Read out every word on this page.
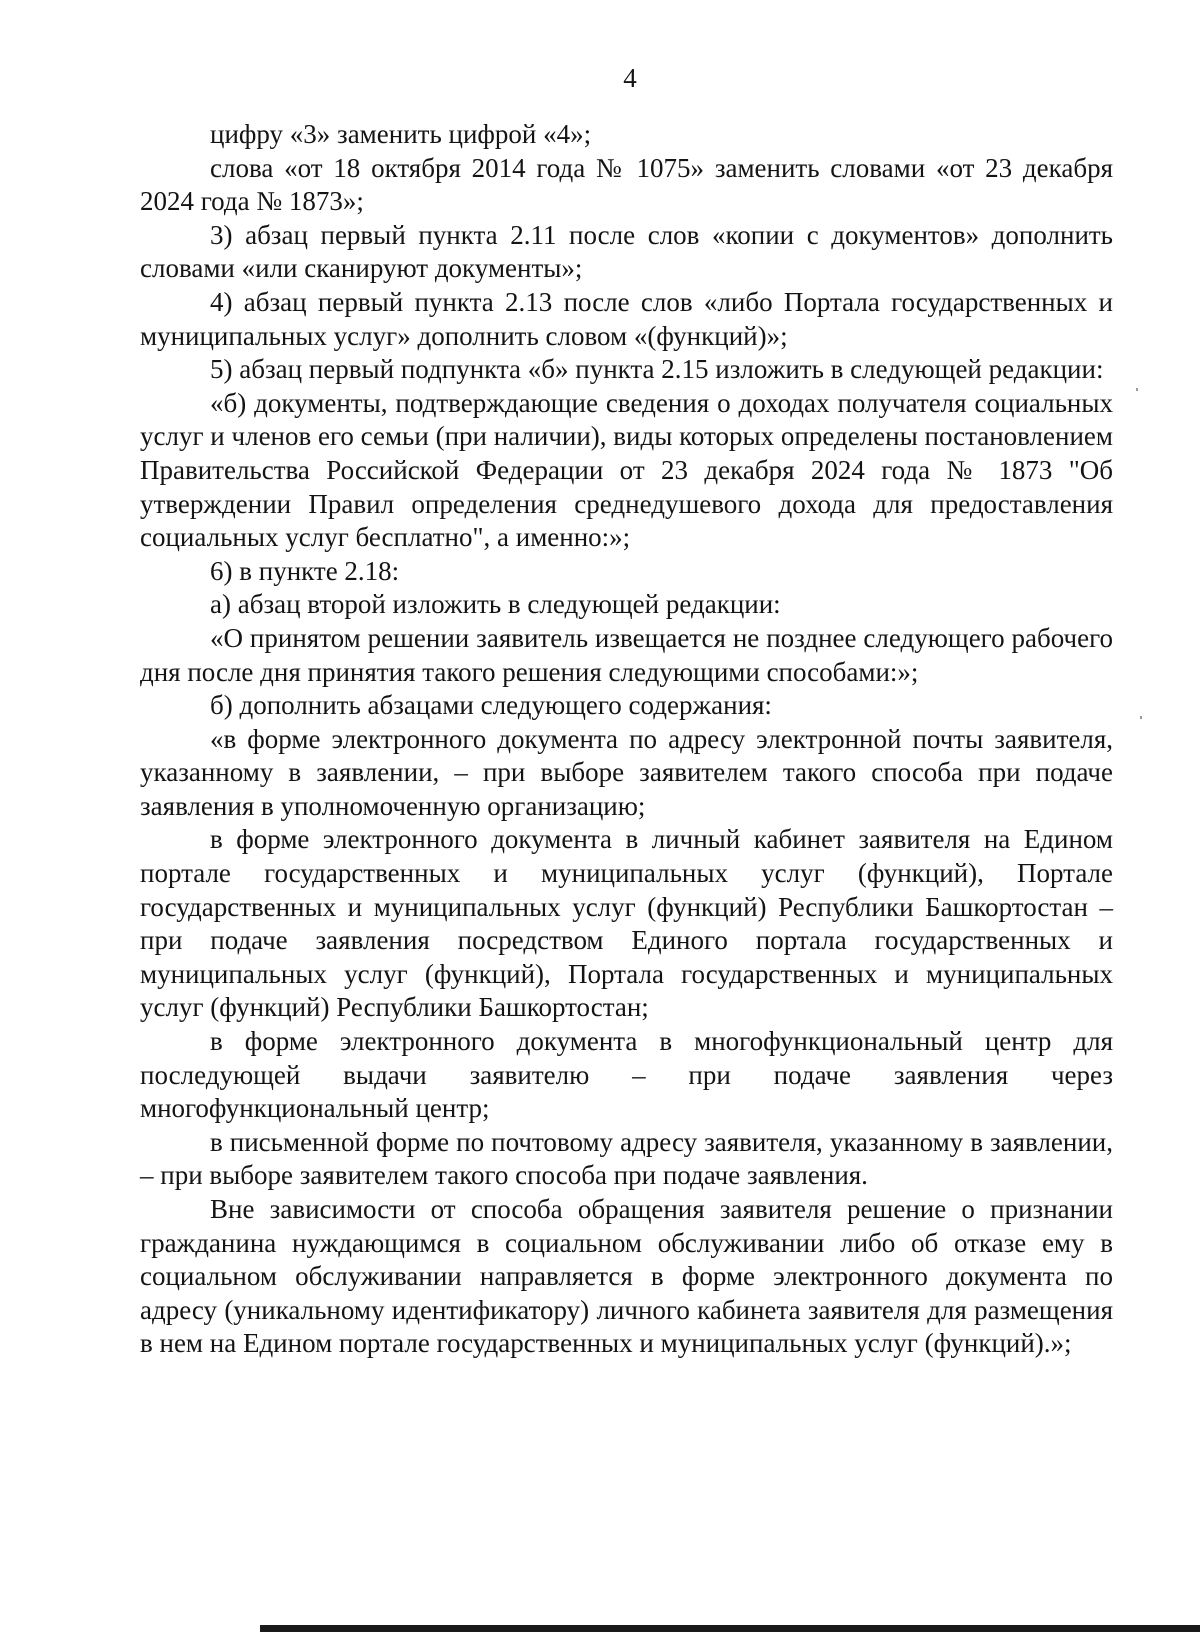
4

цифру «3» заменить цифрой «4»;

слова «от 18 октября 2014 года № 1075» заменить словами «от 23 декабря 2024 года № 1873»;

3) абзац первый пункта 2.11 после слов «копии с документов» дополнить словами «или сканируют документы»;

4) абзац первый пункта 2.13 после слов «либо Портала государственных и муниципальных услуг» дополнить словом «(функций)»;

5) абзац первый подпункта «б» пункта 2.15 изложить в следующей редакции:

«б) документы, подтверждающие сведения о доходах получателя социальных услуг и членов его семьи (при наличии), виды которых определены постановлением Правительства Российской Федерации от 23 декабря 2024 года № 1873 "Об утверждении Правил определения среднедушевого дохода для предоставления социальных услуг бесплатно", а именно:»;

6) в пункте 2.18:

а) абзац второй изложить в следующей редакции:

«О принятом решении заявитель извещается не позднее следующего рабочего дня после дня принятия такого решения следующими способами:»;

б) дополнить абзацами следующего содержания:

«в форме электронного документа по адресу электронной почты заявителя, указанному в заявлении, – при выборе заявителем такого способа при подаче заявления в уполномоченную организацию;

в форме электронного документа в личный кабинет заявителя на Едином портале государственных и муниципальных услуг (функций), Портале государственных и муниципальных услуг (функций) Республики Башкортостан – при подаче заявления посредством Единого портала государственных и муниципальных услуг (функций), Портала государственных и муниципальных услуг (функций) Республики Башкортостан;

в форме электронного документа в многофункциональный центр для последующей выдачи заявителю – при подаче заявления через многофункциональный центр;

в письменной форме по почтовому адресу заявителя, указанному в заявлении, – при выборе заявителем такого способа при подаче заявления.

Вне зависимости от способа обращения заявителя решение о признании гражданина нуждающимся в социальном обслуживании либо об отказе ему в социальном обслуживании направляется в форме электронного документа по адресу (уникальному идентификатору) личного кабинета заявителя для размещения в нем на Едином портале государственных и муниципальных услуг (функций).»;
